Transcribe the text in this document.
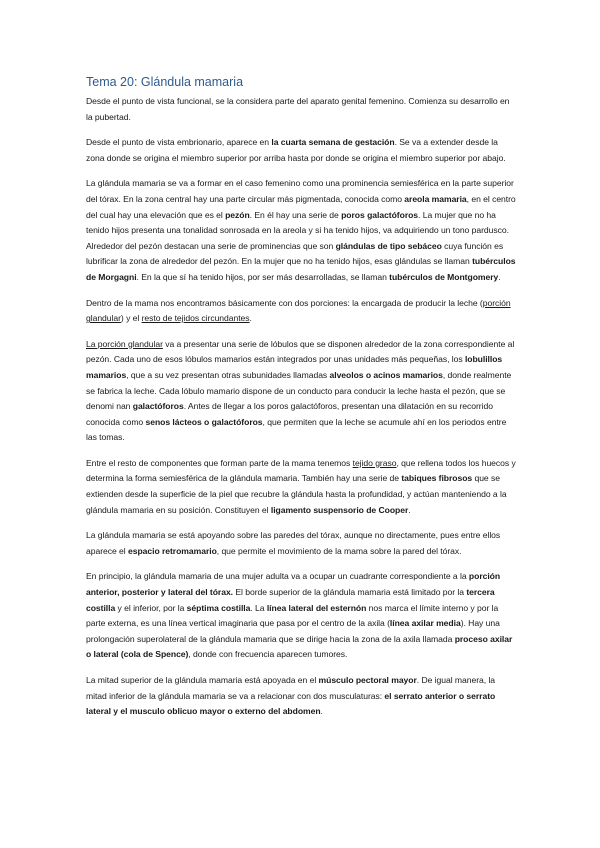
Tema 20: Glándula mamaria

Desde el punto de vista funcional, se la considera parte del aparato genital femenino. Comienza su desarrollo en la pubertad.

Desde el punto de vista embrionario, aparece en la cuarta semana de gestación. Se va a extender desde la zona donde se origina el miembro superior por arriba hasta por donde se origina el miembro superior por abajo.

La glándula mamaria se va a formar en el caso femenino como una prominencia semiesférica en la parte superior del tórax. En la zona central hay una parte circular más pigmentada, conocida como areola mamaria, en el centro del cual hay una elevación que es el pezón. En él hay una serie de poros galactóforos. La mujer que no ha tenido hijos presenta una tonalidad sonrosada en la areola y si ha tenido hijos, va adquiriendo un tono pardusco. Alrededor del pezón destacan una serie de prominencias que son glándulas de tipo sebáceo cuya función es lubrificar la zona de alrededor del pezón. En la mujer que no ha tenido hijos, esas glándulas se llaman tubérculos de Morgagni. En la que sí ha tenido hijos, por ser más desarrolladas, se llaman tubérculos de Montgomery.

Dentro de la mama nos encontramos básicamente con dos porciones: la encargada de producir la leche (porción glandular) y el resto de tejidos circundantes.

La porción glandular va a presentar una serie de lóbulos que se disponen alrededor de la zona correspondiente al pezón. Cada uno de esos lóbulos mamarios están integrados por unas unidades más pequeñas, los lobulillos mamarios, que a su vez presentan otras subunidades llamadas alveolos o acinos mamarios, donde realmente se fabrica la leche. Cada lóbulo mamario dispone de un conducto para conducir la leche hasta el pezón, que se denomi nan galactóforos. Antes de llegar a los poros galactóforos, presentan una dilatación en su recorrido conocida como senos lácteos o galactóforos, que permiten que la leche se acumule ahí en los periodos entre las tomas.

Entre el resto de componentes que forman parte de la mama tenemos tejido graso, que rellena todos los huecos y determina la forma semiesférica de la glándula mamaria. También hay una serie de tabiques fibrosos que se extienden desde la superficie de la piel que recubre la glándula hasta la profundidad, y actúan manteniendo a la glándula mamaria en su posición. Constituyen el ligamento suspensorio de Cooper.

La glándula mamaria se está apoyando sobre las paredes del tórax, aunque no directamente, pues entre ellos aparece el espacio retromamario, que permite el movimiento de la mama sobre la pared del tórax.

En principio, la glándula mamaria de una mujer adulta va a ocupar un cuadrante correspondiente a la porción anterior, posterior y lateral del tórax. El borde superior de la glándula mamaria está limitado por la tercera costilla y el inferior, por la séptima costilla. La línea lateral del esternón nos marca el límite interno y por la parte externa, es una línea vertical imaginaria que pasa por el centro de la axila (línea axilar media). Hay una prolongación superolateral de la glándula mamaria que se dirige hacia la zona de la axila llamada proceso axilar o lateral (cola de Spence), donde con frecuencia aparecen tumores.

La mitad superior de la glándula mamaria está apoyada en el músculo pectoral mayor. De igual manera, la mitad inferior de la glándula mamaria se va a relacionar con dos musculaturas: el serrato anterior o serrato lateral y el musculo oblicuo mayor o externo del abdomen.
